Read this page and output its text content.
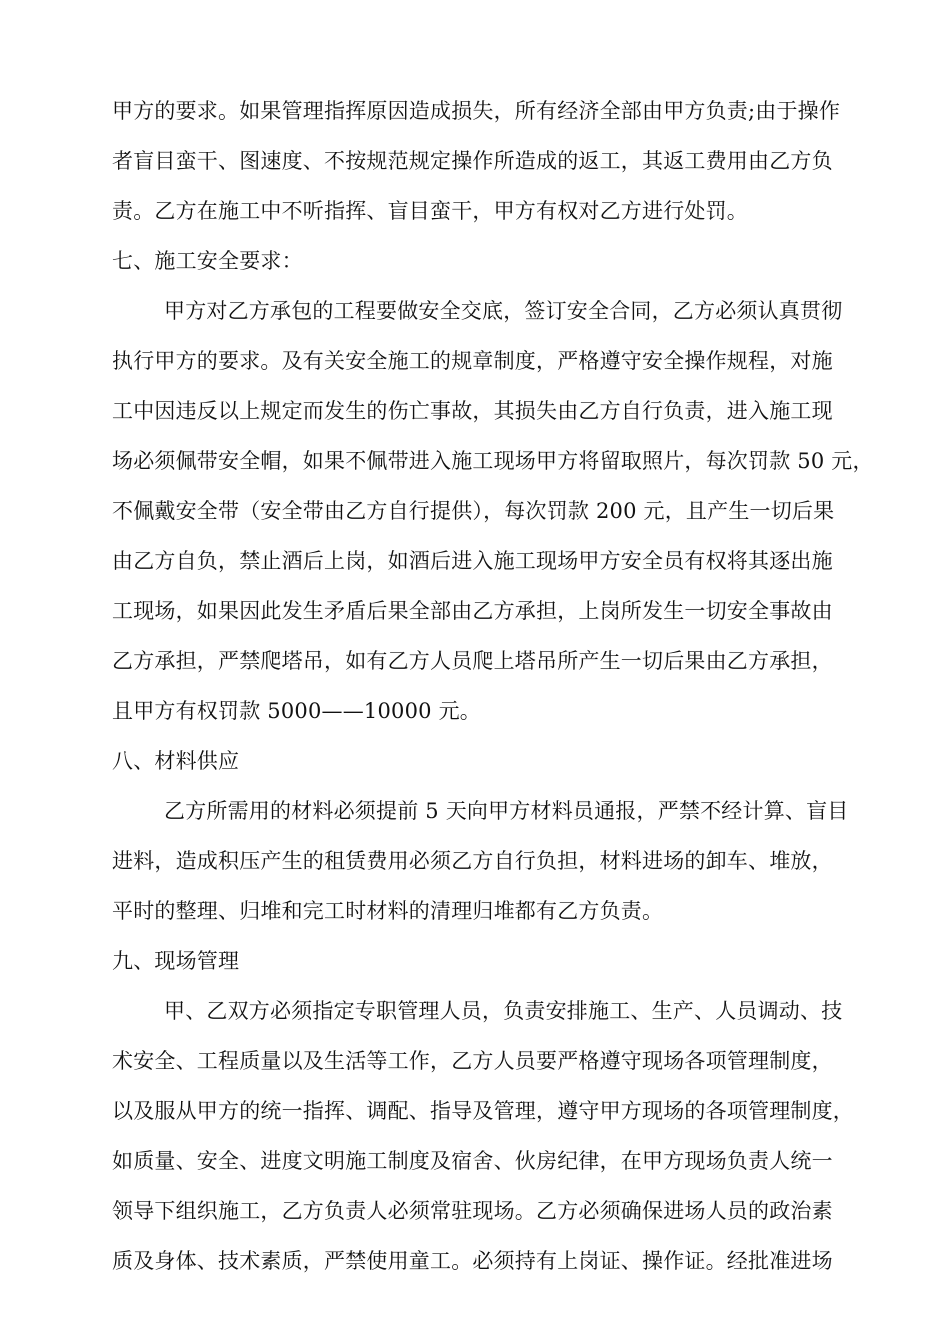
甲方的要求。如果管理指挥原因造成损失，所有经济全部由甲方负责;由于操作
者盲目蛮干、图速度、不按规范规定操作所造成的返工，其返工费用由乙方负
责。乙方在施工中不听指挥、盲目蛮干，甲方有权对乙方进行处罚。
七、施工安全要求：
甲方对乙方承包的工程要做安全交底，签订安全合同，乙方必须认真贯彻
执行甲方的要求。及有关安全施工的规章制度，严格遵守安全操作规程，对施
工中因违反以上规定而发生的伤亡事故，其损失由乙方自行负责，进入施工现
场必须佩带安全帽，如果不佩带进入施工现场甲方将留取照片，每次罚款 50 元，
不佩戴安全带（安全带由乙方自行提供），每次罚款 200 元，且产生一切后果
由乙方自负，禁止酒后上岗，如酒后进入施工现场甲方安全员有权将其逐出施
工现场，如果因此发生矛盾后果全部由乙方承担，上岗所发生一切安全事故由
乙方承担，严禁爬塔吊，如有乙方人员爬上塔吊所产生一切后果由乙方承担，
且甲方有权罚款 5000——10000 元。
八、材料供应
乙方所需用的材料必须提前 5 天向甲方材料员通报，严禁不经计算、盲目
进料，造成积压产生的租赁费用必须乙方自行负担，材料进场的卸车、堆放，
平时的整理、归堆和完工时材料的清理归堆都有乙方负责。
九、现场管理
甲、乙双方必须指定专职管理人员，负责安排施工、生产、人员调动、技
术安全、工程质量以及生活等工作，乙方人员要严格遵守现场各项管理制度，
以及服从甲方的统一指挥、调配、指导及管理，遵守甲方现场的各项管理制度，
如质量、安全、进度文明施工制度及宿舍、伙房纪律，在甲方现场负责人统一
领导下组织施工，乙方负责人必须常驻现场。乙方必须确保进场人员的政治素
质及身体、技术素质，严禁使用童工。必须持有上岗证、操作证。经批准进场
